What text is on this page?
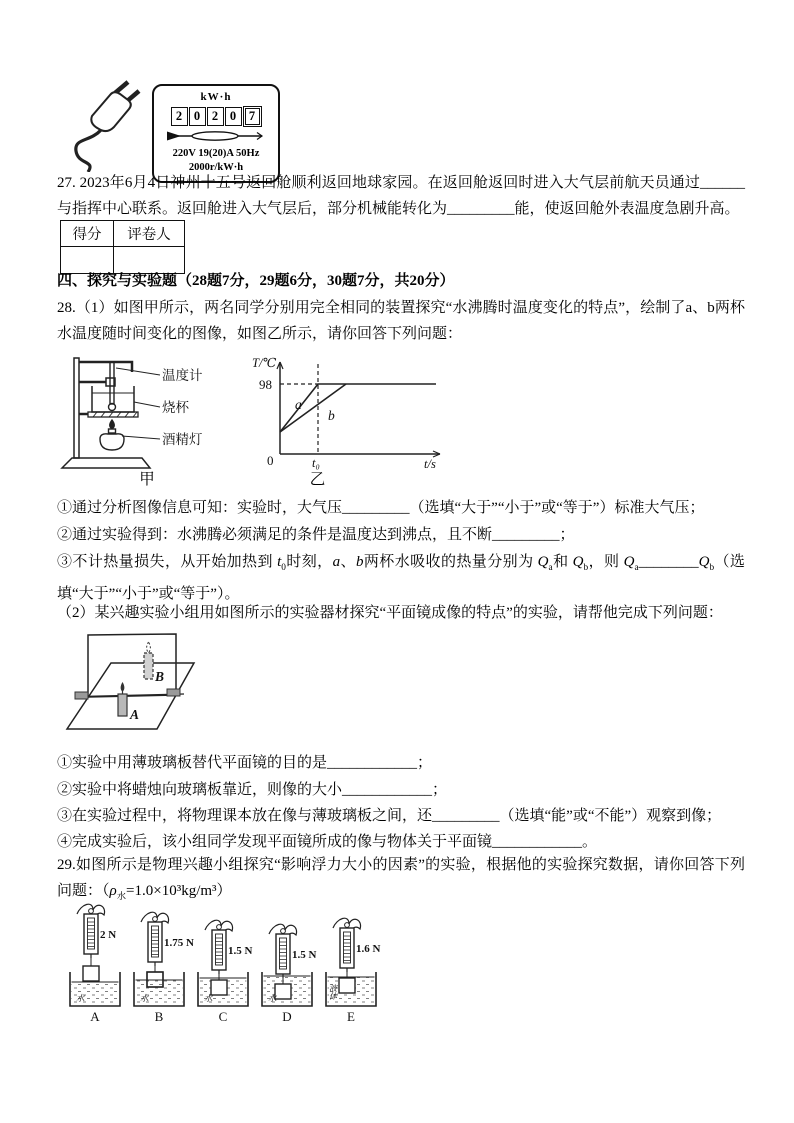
kW·h
2 0 2 0	7
220V 19(20)A 50Hz
2000r/kW·h

27. 2023年6月4日神州十五号返回舱顺利返回地球家园。在返回舱返回时进入大气层前航天员通过______与指挥中心联系。返回舱进入大气层后，部分机械能转化为_________能，使返回舱外表温度急剧升高。

得分	评卷人

四、探究与实验题（28题7分，29题6分，30题7分，共20分）

28.（1）如图甲所示，两名同学分别用完全相同的装置探究“水沸腾时温度变化的特点”，绘制了a、b两杯水温度随时间变化的图像，如图乙所示，请你回答下列问题：

温度计
烧杯
酒精灯
甲
T/℃
98
a
b
0	t₀	t/s
乙

①通过分析图像信息可知：实验时，大气压_________（选填“大于”“小于”或“等于”）标准大气压；

②通过实验得到：水沸腾必须满足的条件是温度达到沸点，且不断_________；

③不计热量损失，从开始加热到 $t_0$时刻，a、b两杯水吸收的热量分别为 $Q_a$和 $Q_b$，则 $Q_a\_\_\_\_\_\_\_\_Q_b$（选填“大于”“小于”或“等于”）。

（2）某兴趣实验小组用如图所示的实验器材探究“平面镜成像的特点”的实验，请帮他完成下列问题：

A
B

①实验中用薄玻璃板替代平面镜的目的是____________；

②实验中将蜡烛向玻璃板靠近，则像的大小____________；

③在实验过程中，将物理课本放在像与薄玻璃板之间，还_________（选填“能”或“不能”）观察到像；

④完成实验后，该小组同学发现平面镜所成的像与物体关于平面镜____________。

29.如图所示是物理兴趣小组探究“影响浮力大小的因素”的实验，根据他的实验探究数据，请你回答下列问题：$(\rho_水=1.0\times 10^3kg/m^3)$

2 N
水
A
1.75 N
水
B
1.5 N
水
C
1.5 N
水
D
1.6 N
液体
E
